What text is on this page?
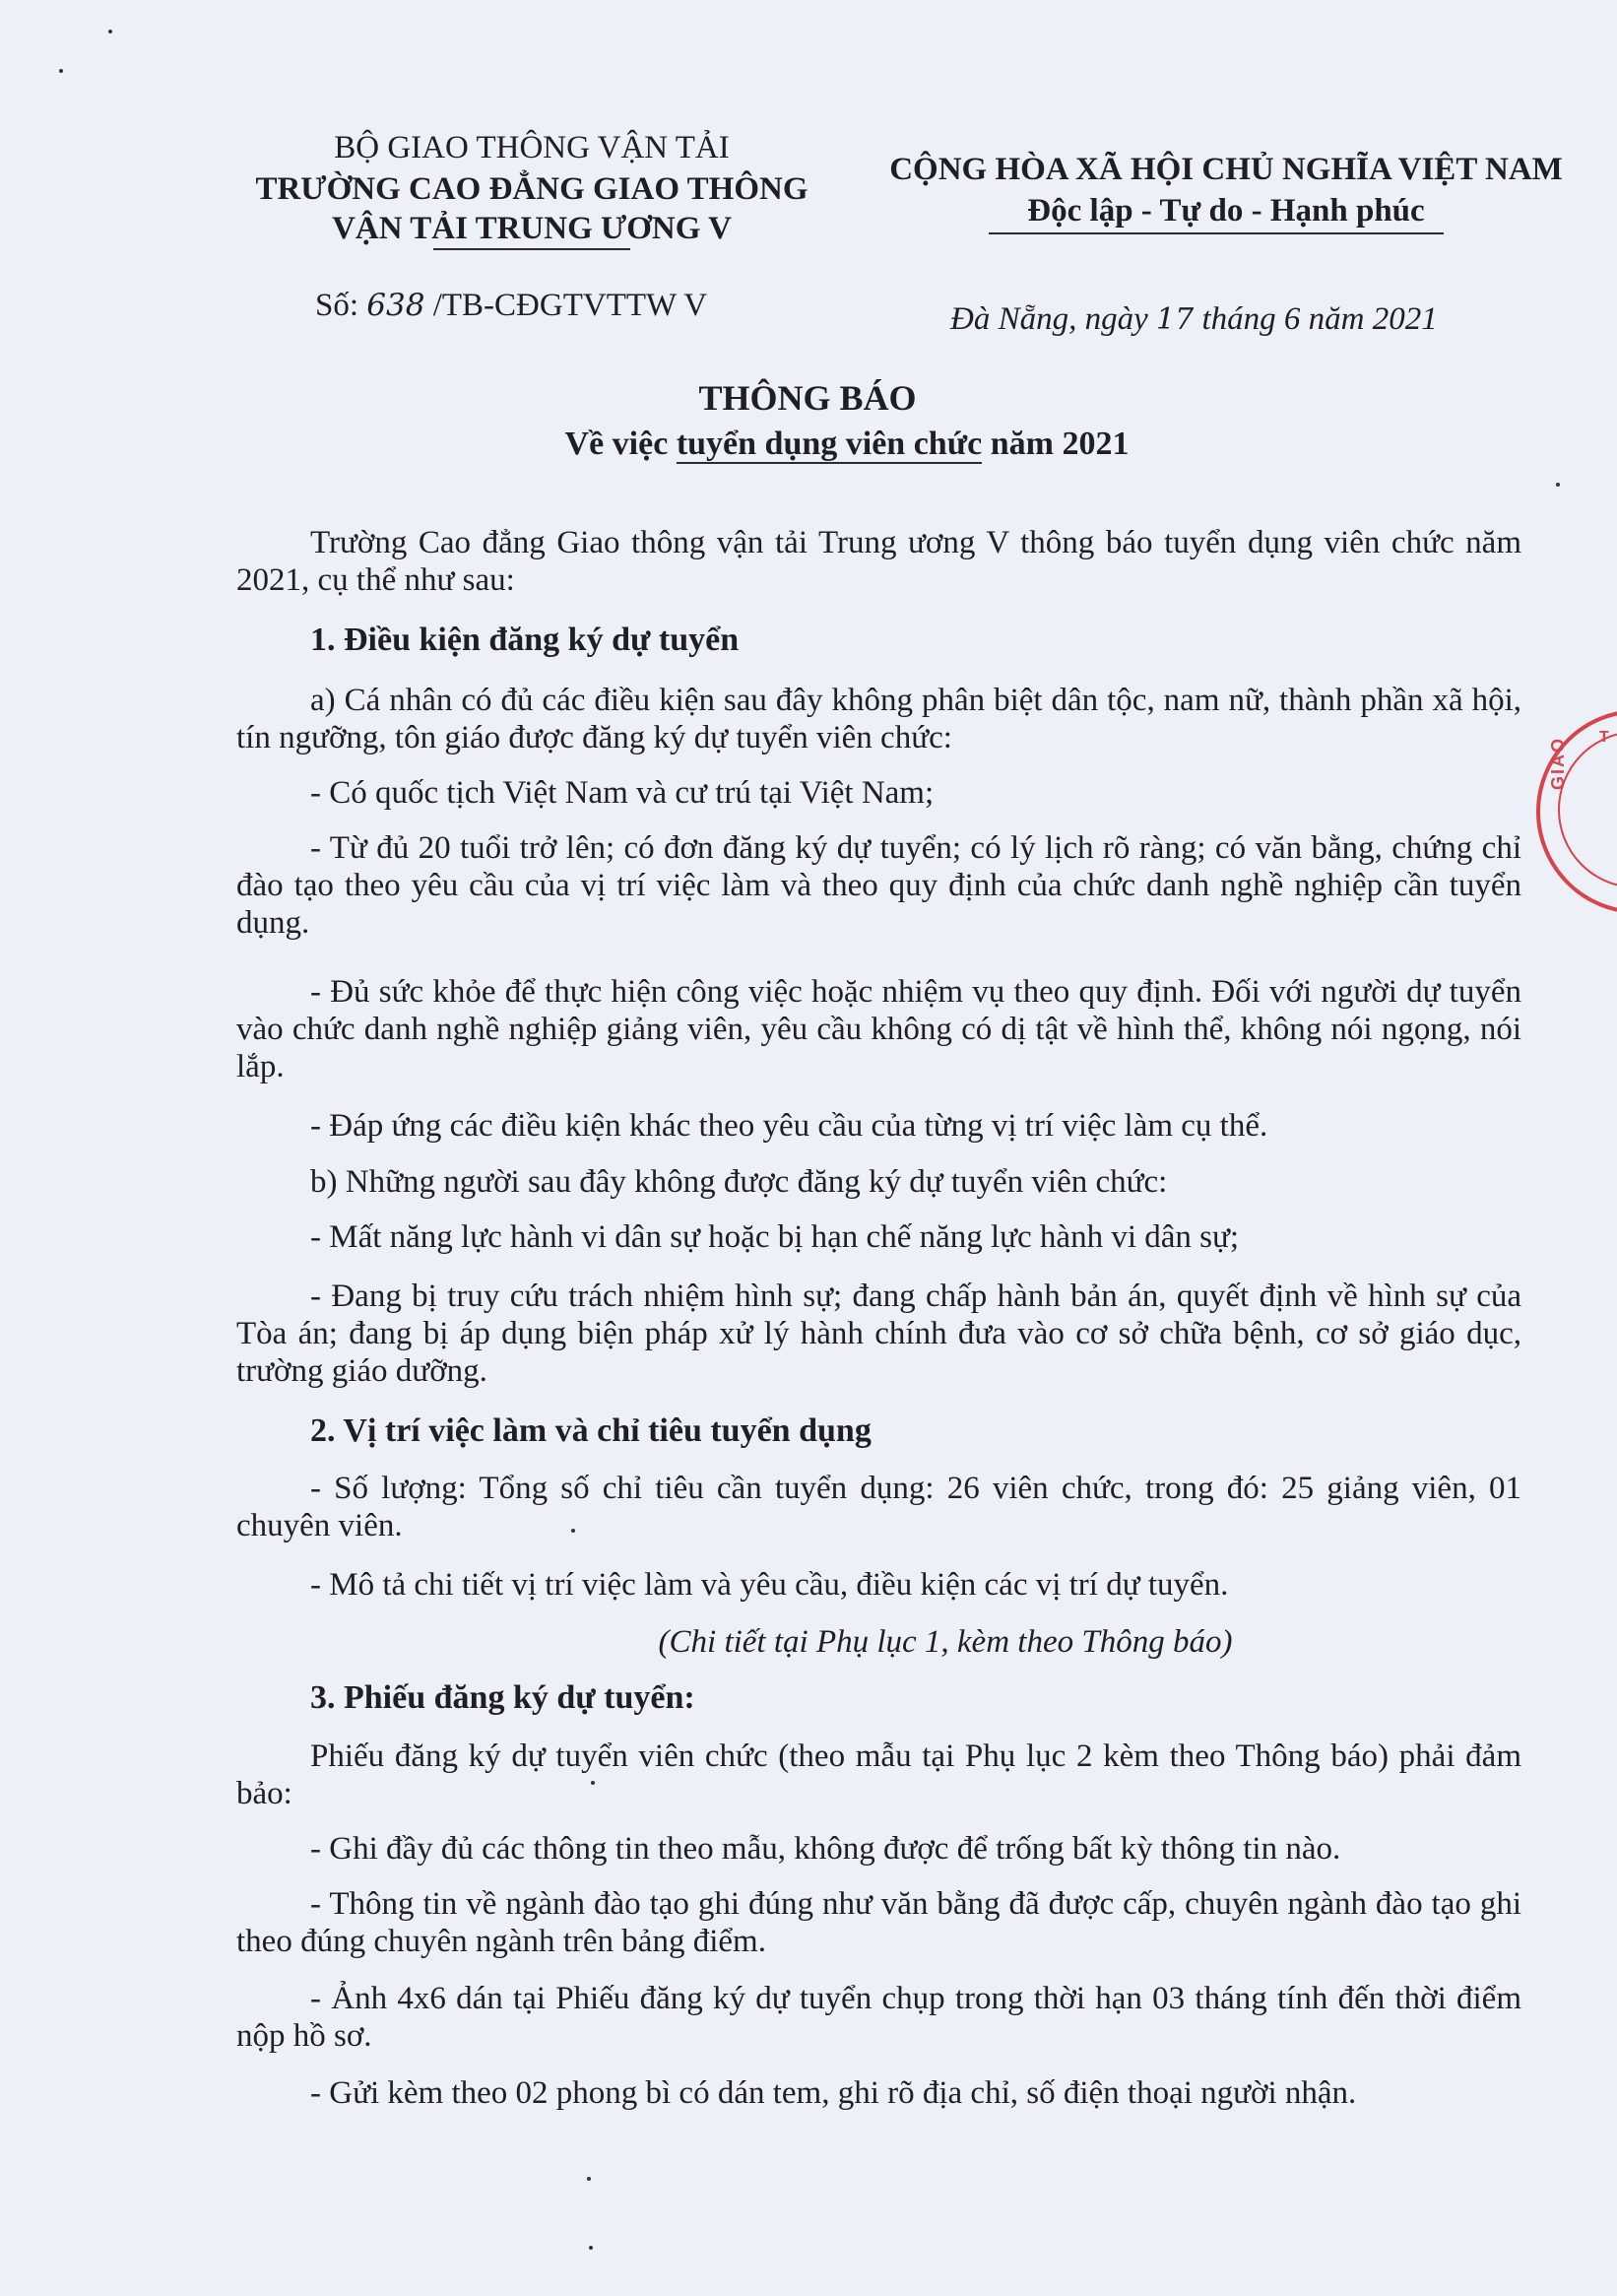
BỘ GIAO THÔNG VẬN TẢI
TRƯỜNG CAO ĐẲNG GIAO THÔNG
VẬN TẢI TRUNG ƯƠNG V
CỘNG HÒA XÃ HỘI CHỦ NGHĨA VIỆT NAM
Độc lập - Tự do - Hạnh phúc
Số: 638 /TB-CĐGTVTTW V	Đà Nẵng, ngày 17 tháng 6 năm 2021
THÔNG BÁO
Về việc tuyển dụng viên chức năm 2021
Trường Cao đẳng Giao thông vận tải Trung ương V thông báo tuyển dụng viên chức năm 2021, cụ thể như sau:
1. Điều kiện đăng ký dự tuyển
a) Cá nhân có đủ các điều kiện sau đây không phân biệt dân tộc, nam nữ, thành phần xã hội, tín ngưỡng, tôn giáo được đăng ký dự tuyển viên chức:
- Có quốc tịch Việt Nam và cư trú tại Việt Nam;
- Từ đủ 20 tuổi trở lên; có đơn đăng ký dự tuyển; có lý lịch rõ ràng; có văn bằng, chứng chỉ đào tạo theo yêu cầu của vị trí việc làm và theo quy định của chức danh nghề nghiệp cần tuyển dụng.
- Đủ sức khỏe để thực hiện công việc hoặc nhiệm vụ theo quy định. Đối với người dự tuyển vào chức danh nghề nghiệp giảng viên, yêu cầu không có dị tật về hình thể, không nói ngọng, nói lắp.
- Đáp ứng các điều kiện khác theo yêu cầu của từng vị trí việc làm cụ thể.
b) Những người sau đây không được đăng ký dự tuyển viên chức:
- Mất năng lực hành vi dân sự hoặc bị hạn chế năng lực hành vi dân sự;
- Đang bị truy cứu trách nhiệm hình sự; đang chấp hành bản án, quyết định về hình sự của Tòa án; đang bị áp dụng biện pháp xử lý hành chính đưa vào cơ sở chữa bệnh, cơ sở giáo dục, trường giáo dưỡng.
2. Vị trí việc làm và chỉ tiêu tuyển dụng
- Số lượng: Tổng số chỉ tiêu cần tuyển dụng: 26 viên chức, trong đó: 25 giảng viên, 01 chuyên viên.
- Mô tả chi tiết vị trí việc làm và yêu cầu, điều kiện các vị trí dự tuyển.
(Chi tiết tại Phụ lục 1, kèm theo Thông báo)
3. Phiếu đăng ký dự tuyển:
Phiếu đăng ký dự tuyển viên chức (theo mẫu tại Phụ lục 2 kèm theo Thông báo) phải đảm bảo:
- Ghi đầy đủ các thông tin theo mẫu, không được để trống bất kỳ thông tin nào.
- Thông tin về ngành đào tạo ghi đúng như văn bằng đã được cấp, chuyên ngành đào tạo ghi theo đúng chuyên ngành trên bảng điểm.
- Ảnh 4x6 dán tại Phiếu đăng ký dự tuyển chụp trong thời hạn 03 tháng tính đến thời điểm nộp hồ sơ.
- Gửi kèm theo 02 phong bì có dán tem, ghi rõ địa chỉ, số điện thoại người nhận.
T
GIAO
